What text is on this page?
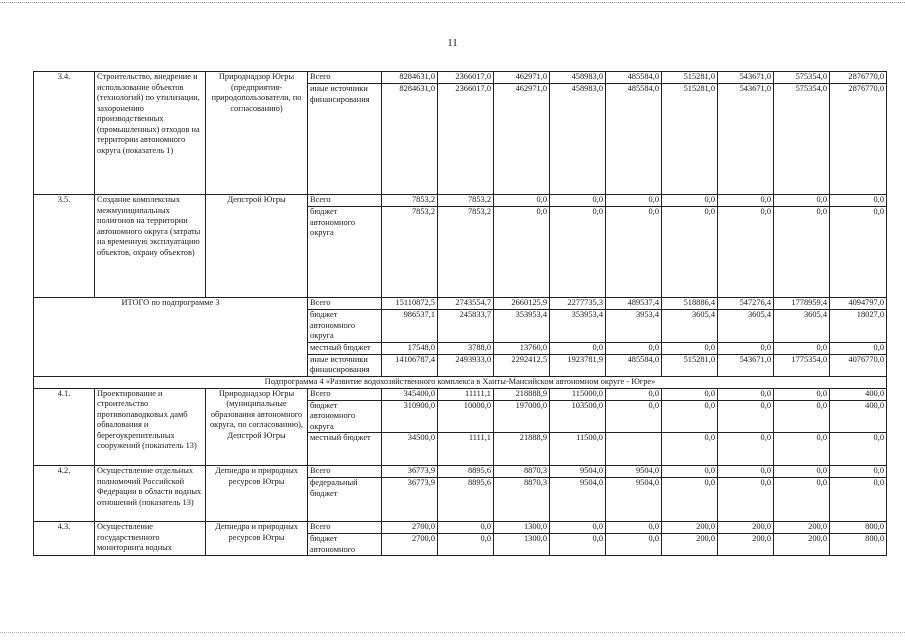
11
3.4.	Строительство, внедрение и использование объектов (технологий) по утилизации, захоронению производственных (промышленных) отходов на территории автономного округа (показатель 1)	Природнадзор Югры (предприятия-природопользователи, по согласованию)	Всего	8284631,0	2366017,0	462971,0	458983,0	485584,0	515281,0	543671,0	575354,0	2876770,0
			иные источники финансирования	8284631,0	2366017,0	462971,0	458983,0	485584,0	515281,0	543671,0	575354,0	2876770,0
3.5.	Создание комплексных межмуниципальных полигонов на территории автономного округа (затраты на временную эксплуатацию объектов, охрану объектов)	Депстрой Югры	Всего	7853,2	7853,2	0,0	0,0	0,0	0,0	0,0	0,0	0,0
			бюджет автономного округа	7853,2	7853,2	0,0	0,0	0,0	0,0	0,0	0,0	0,0
ИТОГО по подпрограмме 3			Всего	15110872,5	2743554,7	2660125,9	2277735,3	489537,4	518886,4	547276,4	1778959,4	4094797,0
			бюджет автономного округа	986537,1	245833,7	353953,4	353953,4	3953,4	3605,4	3605,4	3605,4	18027,0
			местный бюджет	17548,0	3788,0	13760,0	0,0	0,0	0,0	0,0	0,0	0,0
			иные источники финансирования	14106787,4	2493933,0	2292412,5	1923781,9	485584,0	515281,0	543671,0	1775354,0	4076770,0
Подпрограмма 4 «Развитие водохозяйственного комплекса в Ханты-Мансийском автономном округе - Югре»												
4.1.	Проектирование и строительство противопаводковых дамб обвалования и берегоукрепительных сооружений (показатель 13)	Природнадзор Югры (муниципальные образования автономного округа, по согласованию), Депстрой Югры	Всего	345400,0	11111,1	218888,9	115000,0	0,0	0,0	0,0	0,0	400,0
			бюджет автономного округа	310900,0	10000,0	197000,0	103500,0	0,0	0,0	0,0	0,0	400,0
			местный бюджет	34500,0	1111,1	21888,9	11500,0		0,0	0,0	0,0	0,0
4.2.	Осуществление отдельных полномочий Российской Федерации в области водных отношений (показатель 13)	Депнедра и природных ресурсов Югры	Всего	36773,9	8895,6	8870,3	9504,0	9504,0	0,0	0,0	0,0	0,0
			федеральный бюджет	36773,9	8895,6	8870,3	9504,0	9504,0	0,0	0,0	0,0	0,0
4.3.	Осуществление государственного мониторинга водных	Депнедра и природных ресурсов Югры	Всего	2700,0	0,0	1300,0	0,0	0,0	200,0	200,0	200,0	800,0
			бюджет автономного	2700,0	0,0	1300,0	0,0	0,0	200,0	200,0	200,0	800,0
